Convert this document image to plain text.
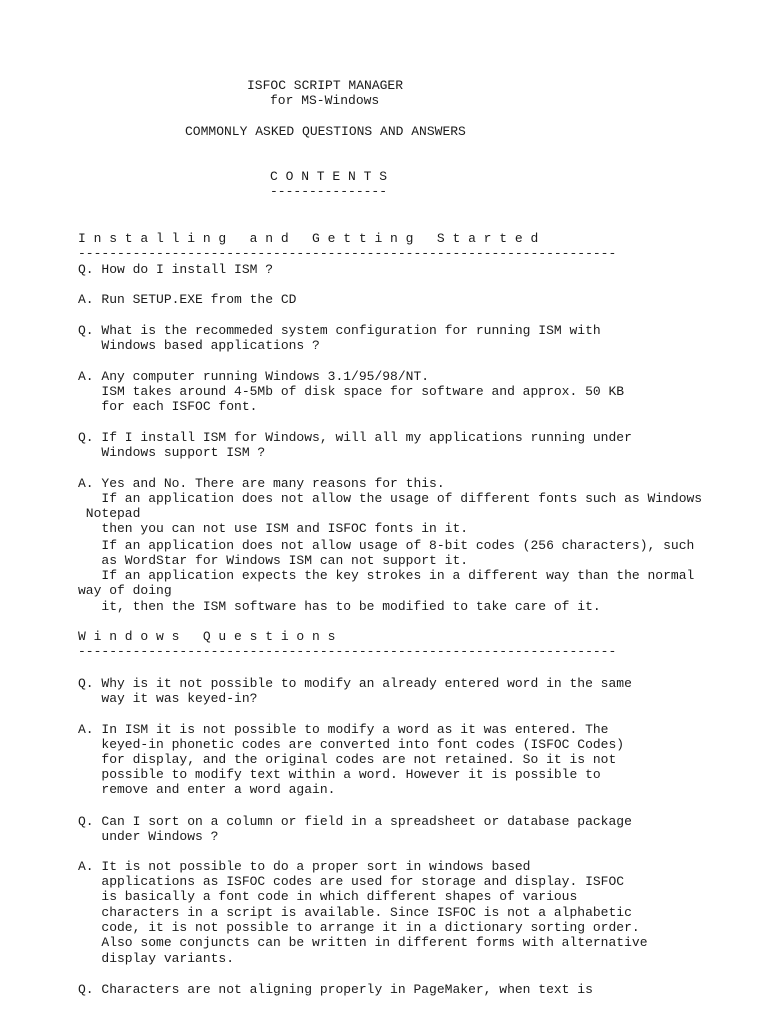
ISFOC SCRIPT MANAGER
for MS-Windows
COMMONLY ASKED QUESTIONS AND ANSWERS
C O N T E N T S
---------------
I n s t a l l i n g   a n d   G e t t i n g   S t a r t e d
---------------------------------------------------------------------
Q. How do I install ISM ?
A. Run SETUP.EXE from the CD
Q. What is the recommeded system configuration for running ISM with
Windows based applications ?
A. Any computer running Windows 3.1/95/98/NT.
ISM takes around 4-5Mb of disk space for software and approx. 50 KB
for each ISFOC font.
Q. If I install ISM for Windows, will all my applications running under
Windows support ISM ?
A. Yes and No. There are many reasons for this.
If an application does not allow the usage of different fonts such as Windows
Notepad
then you can not use ISM and ISFOC fonts in it.
If an application does not allow usage of 8-bit codes (256 characters), such
as WordStar for Windows ISM can not support it.
If an application expects the key strokes in a different way than the normal
way of doing
it, then the ISM software has to be modified to take care of it.
W i n d o w s   Q u e s t i o n s
---------------------------------------------------------------------
Q. Why is it not possible to modify an already entered word in the same
way it was keyed-in?
A. In ISM it is not possible to modify a word as it was entered. The
keyed-in phonetic codes are converted into font codes (ISFOC Codes)
for display, and the original codes are not retained. So it is not
possible to modify text within a word. However it is possible to
remove and enter a word again.
Q. Can I sort on a column or field in a spreadsheet or database package
under Windows ?
A. It is not possible to do a proper sort in windows based
applications as ISFOC codes are used for storage and display. ISFOC
is basically a font code in which different shapes of various
characters in a script is available. Since ISFOC is not a alphabetic
code, it is not possible to arrange it in a dictionary sorting order.
Also some conjuncts can be written in different forms with alternative
display variants.
Q. Characters are not aligning properly in PageMaker, when text is
